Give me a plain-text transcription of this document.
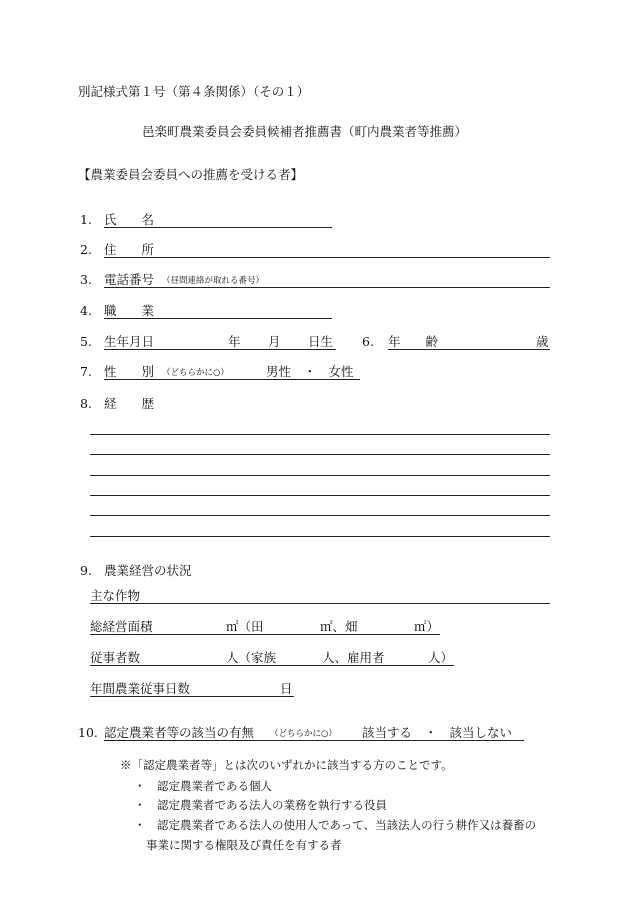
別記様式第１号（第４条関係）（その１）
邑楽町農業委員会委員候補者推薦書（町内農業者等推薦）
【農業委員会委員への推薦を受ける者】
1. 氏　　名
2. 住　　所
3. 電話番号 （昼間連絡が取れる番号）
4. 職　　業
5. 生年月日	年 月 日生 6. 年　　齢	歳
7. 性　　別 （どちらかに○）	男性　・　女性
8. 経　　歴
9. 農業経営の状況
主な作物
総経営面積	㎡（田	㎡、畑	㎡）
従事者数	人（家族	人、雇用者	人）
年間農業従事日数	日
10. 認定農業者等の該当の有無 （どちらかに○） 該当する　・　該当しない
※「認定農業者等」とは次のいずれかに該当する方のことです。
・　認定農業者である個人
・　認定農業者である法人の業務を執行する役員
・　認定農業者である法人の使用人であって、当該法人の行う耕作又は養畜の
事業に関する権限及び責任を有する者
